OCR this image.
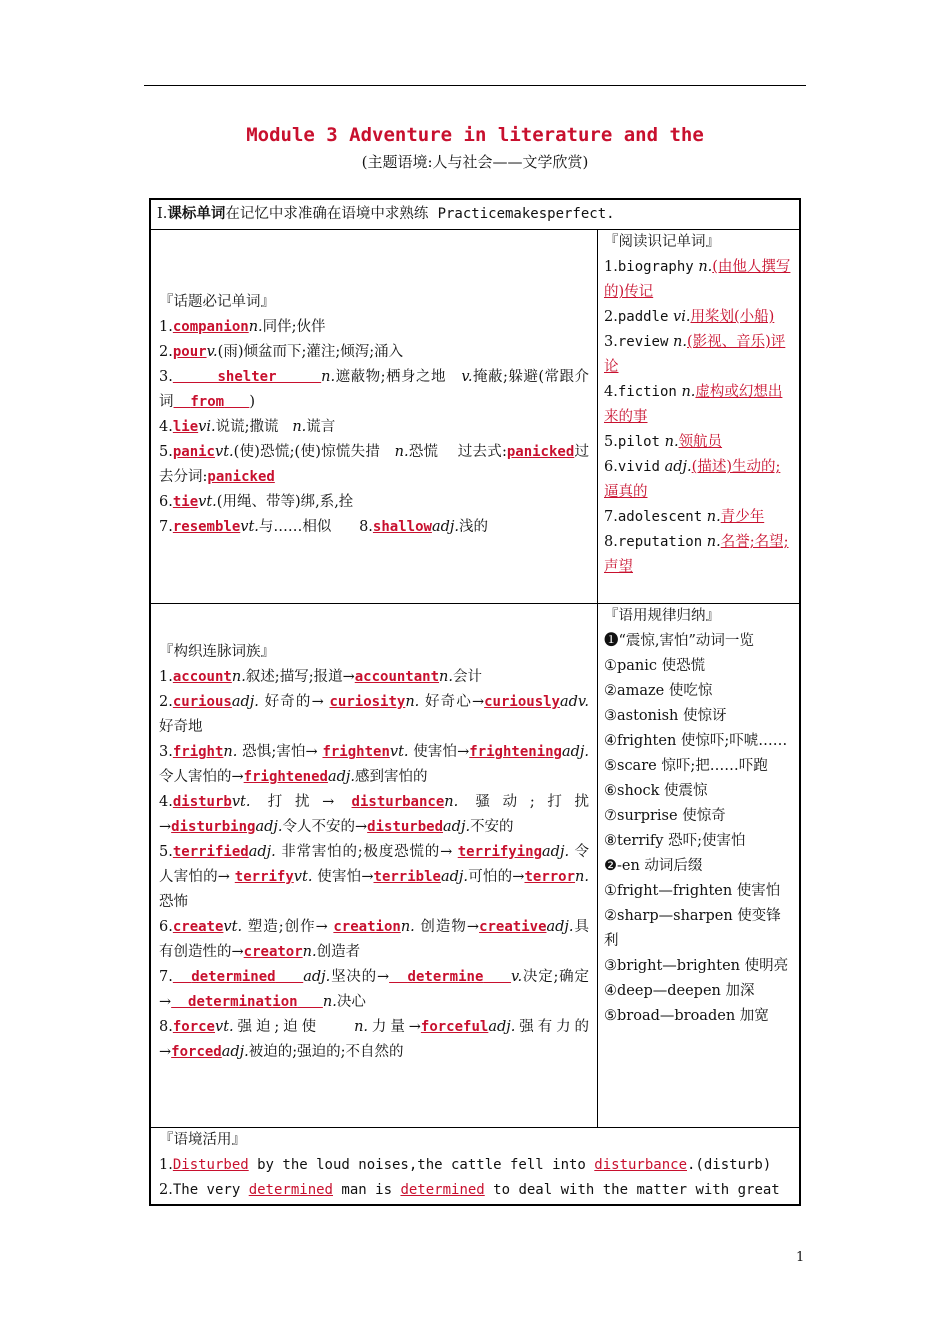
Module 3 Adventure in literature and the
(主题语境:人与社会——文学欣赏)
Ⅰ.课标单词在记忆中求准确在语境中求熟练 Practicemakesperfect.

『话题必记单词』

1.companionn.同伴;伙伴

2.pourv.(雨)倾盆而下;灌注;倾泻;涌入

3.	shelter	n.遮蔽物;栖身之地 v.掩蔽;躲避(常跟介词 from )

4.lievi.说谎;撒谎 n.谎言

5.panicvt.(使)恐慌;(使)惊慌失措 n.恐慌 过去式:panicked过去分词:panicked

6.tievt.(用绳、带等)绑,系,拴

7.resemblevt.与……相似 8.shallowadj.浅的

『阅读识记单词』

1.biography n.(由他人撰写的)传记

2.paddle vi.用桨划(小船)

3.review n.(影视、音乐)评论

4.fiction n.虚构或幻想出来的事

5.pilot n.领航员

6.vivid adj.(描述)生动的;逼真的

7.adolescent n.青少年

8.reputation n.名誉;名望;声望

『构织连脉词族』

1.accountn.叙述;描写;报道→accountantn.会计

2.curiousadj. 好奇的→ curiosityn. 好奇心→curiouslyadv.好奇地

3.frightn. 恐惧;害怕→ frightenvt. 使害怕→frighteningadj.令人害怕的→frightenedadj.感到害怕的

4.disturbvt. 打扰→ disturbancen. 骚动;打扰→disturbingadj.令人不安的→disturbedadj.不安的

5.terrifiedadj. 非常害怕的;极度恐慌的→ terrifyingadj. 令人害怕的→ terrifyvt. 使害怕→terribleadj.可怕的→terrorn.恐怖

6.createvt. 塑造;创作→ creationn. 创造物→creativeadj.具有创造性的→creatorn.创造者

7. determined adj.坚决的→ determine v.决定;确定→ determination n.决心

8.forcevt.强迫;迫使 n.力量→forcefuladj.强有力的→forcedadj.被迫的;强迫的;不自然的

『语用规律归纳』

❶“震惊,害怕”动词一览

①panic 使恐慌

②amaze 使吃惊

③astonish 使惊讶

④frighten 使惊吓;吓唬……

⑤scare 惊吓;把……吓跑

⑥shock 使震惊

⑦surprise 使惊奇

⑧terrify 恐吓;使害怕

❷-en 动词后缀

①fright—frighten 使害怕

②sharp—sharpen 使变锋利

③bright—brighten 使明亮

④deep—deepen 加深

⑤broad—broaden 加宽

『语境活用』

1.Disturbed by the loud noises,the cattle fell into disturbance.(disturb)

2.The very determined man is determined to deal with the matter with great

1
